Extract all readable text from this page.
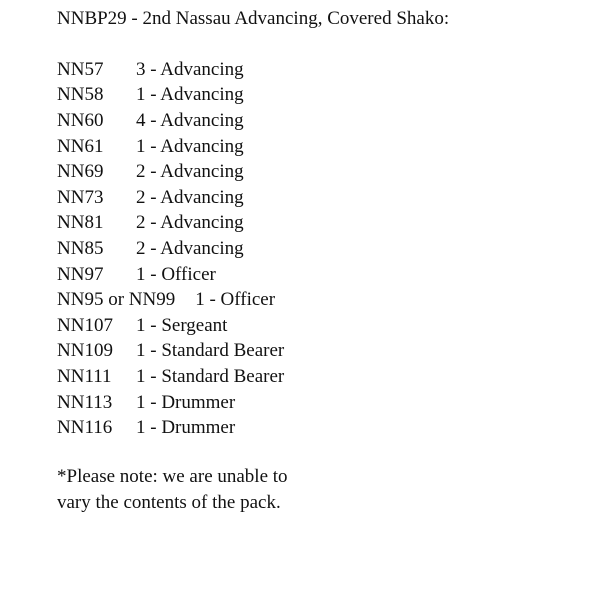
NNBP29 - 2nd Nassau Advancing, Covered Shako:
NN57	3 - Advancing
NN58	1 - Advancing
NN60	4 - Advancing
NN61	1 - Advancing
NN69	2 - Advancing
NN73	2 - Advancing
NN81	2 - Advancing
NN85	2 - Advancing
NN97	1 - Officer
NN95 or NN99 1 - Officer
NN107	1 - Sergeant
NN109	1 - Standard Bearer
NN111	1 - Standard Bearer
NN113	1 - Drummer
NN116	1 - Drummer
*Please note: we are unable to
vary the contents of the pack.
